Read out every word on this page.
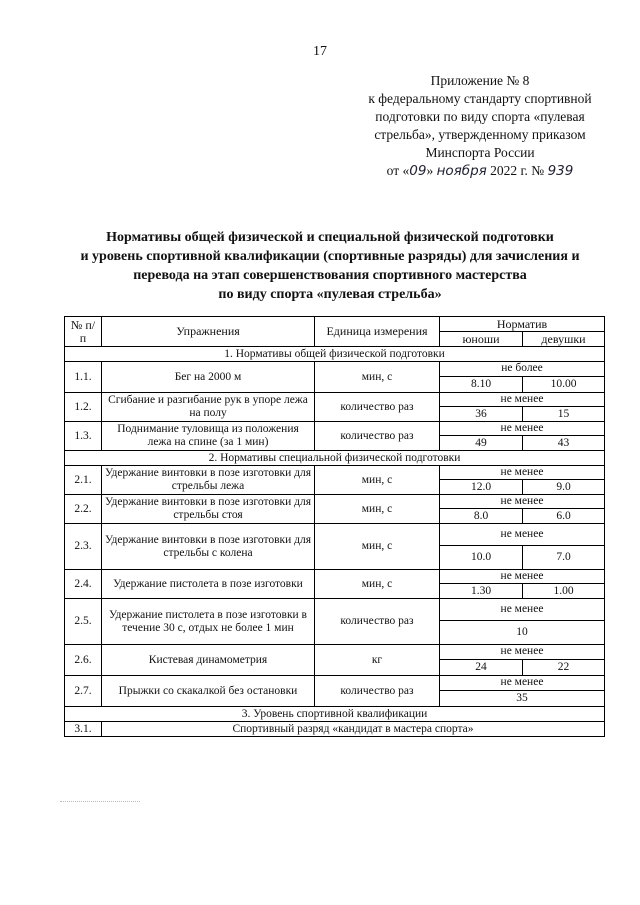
17
Приложение № 8
к федеральному стандарту спортивной
подготовки по виду спорта «пулевая
стрельба», утвержденному приказом
Минспорта России
от «09» ноября 2022 г. № 939
Нормативы общей физической и специальной физической подготовки
и уровень спортивной квалификации (спортивные разряды) для зачисления и
перевода на этап совершенствования спортивного мастерства
по виду спорта «пулевая стрельба»
№ п/п	Упражнения	Единица измерения	Норматив	
			юноши	девушки
1. Нормативы общей физической подготовки				
1.1.	Бег на 2000 м	мин, с	не более	
			8.10	10.00
1.2.	Сгибание и разгибание рук в упоре лежа на полу	количество раз	не менее	
			36	15
1.3.	Поднимание туловища из положения лежа на спине (за 1 мин)	количество раз	не менее	
			49	43
2. Нормативы специальной физической подготовки				
2.1.	Удержание винтовки в позе изготовки для стрельбы лежа	мин, с	не менее	
			12.0	9.0
2.2.	Удержание винтовки в позе изготовки для стрельбы стоя	мин, с	не менее	
			8.0	6.0
2.3.	Удержание винтовки в позе изготовки для стрельбы с колена	мин, с	не менее	
			10.0	7.0
2.4.	Удержание пистолета в позе изготовки	мин, с	не менее	
			1.30	1.00
2.5.	Удержание пистолета в позе изготовки в течение 30 с, отдых не более 1 мин	количество раз	не менее	
			10	
2.6.	Кистевая динамометрия	кг	не менее	
			24	22
2.7.	Прыжки со скакалкой без остановки	количество раз	не менее	
			35	
3. Уровень спортивной квалификации				
3.1.	Спортивный разряд «кандидат в мастера спорта»			
